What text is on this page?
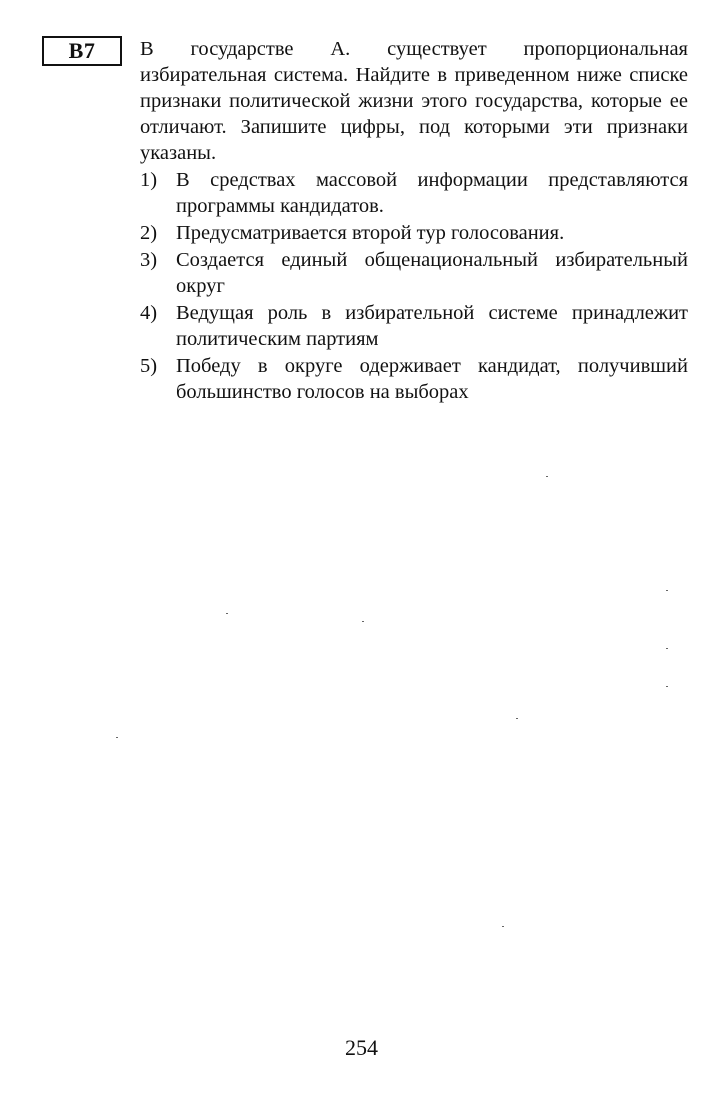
B7 В государстве А. существует пропорциональная избирательная система. Найдите в приведенном ниже списке признаки политической жизни этого государства, которые ее отличают. Запишите цифры, под которыми эти признаки указаны.

1) В средствах массовой информации представляются программы кандидатов.
2) Предусматривается второй тур голосования.
3) Создается единый общенациональный избирательный округ
4) Ведущая роль в избирательной системе принадлежит политическим партиям
5) Победу в округе одерживает кандидат, получивший большинство голосов на выборах
254
